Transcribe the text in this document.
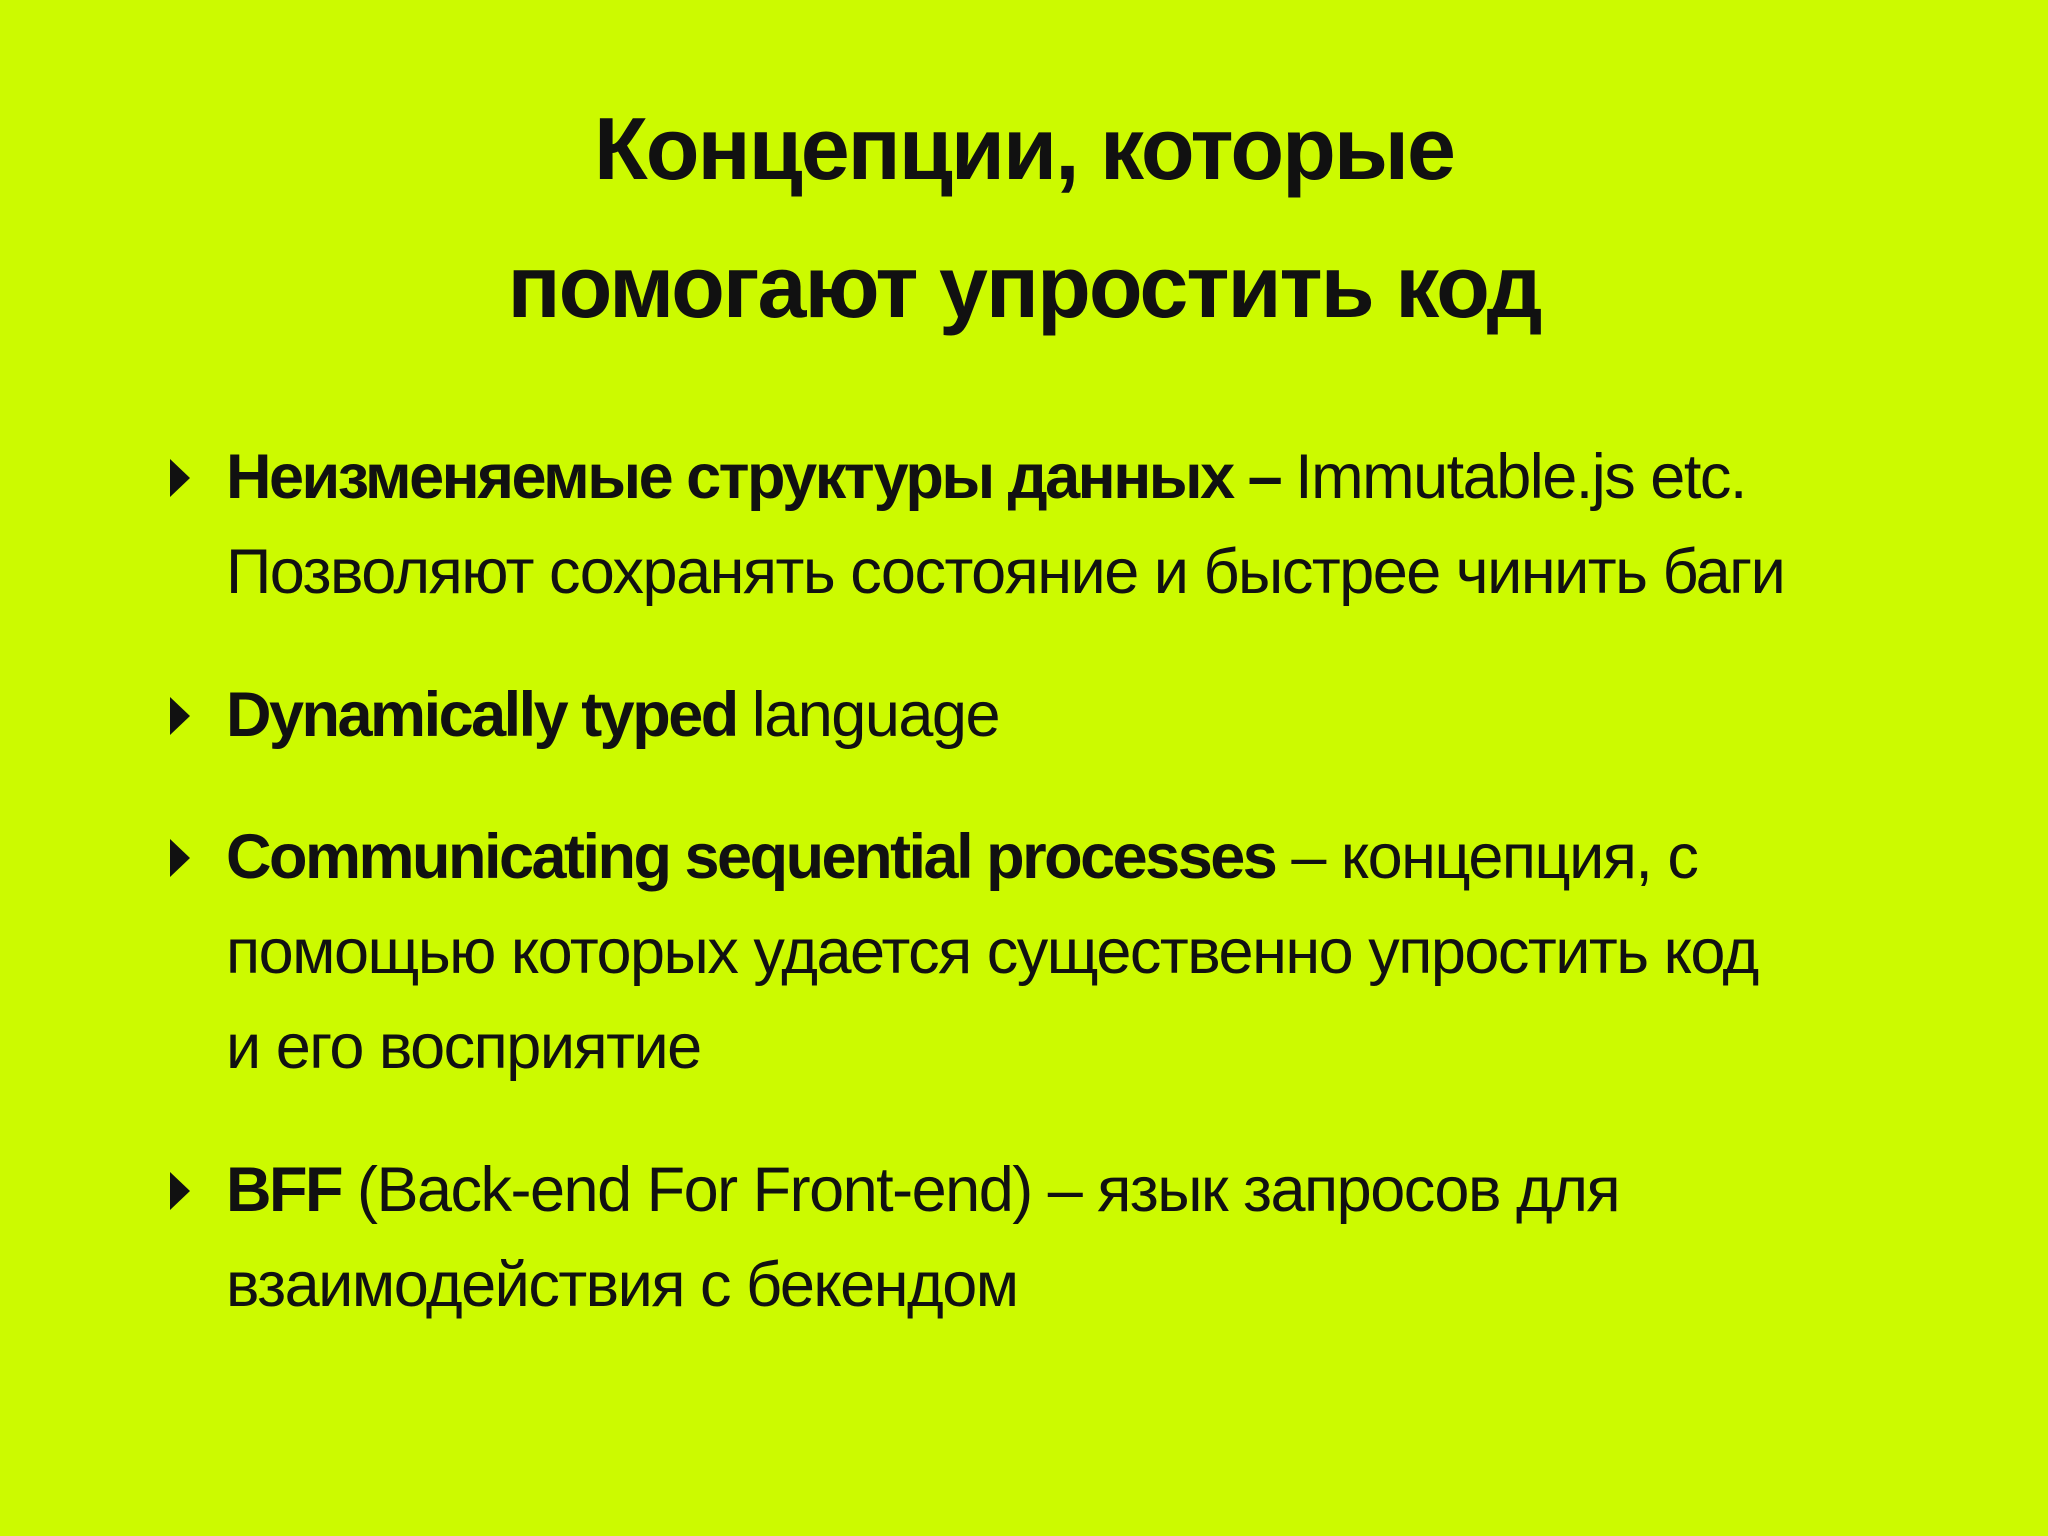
Концепции, которые
помогают упростить код
Неизменяемые структуры данных – Immutable.js etc. Позволяют сохранять состояние и быстрее чинить баги
Dynamically typed language
Communicating sequential processes – концепция, с помощью которых удается существенно упростить код и его восприятие
BFF (Back-end For Front-end) – язык запросов для взаимодействия с бекендом
